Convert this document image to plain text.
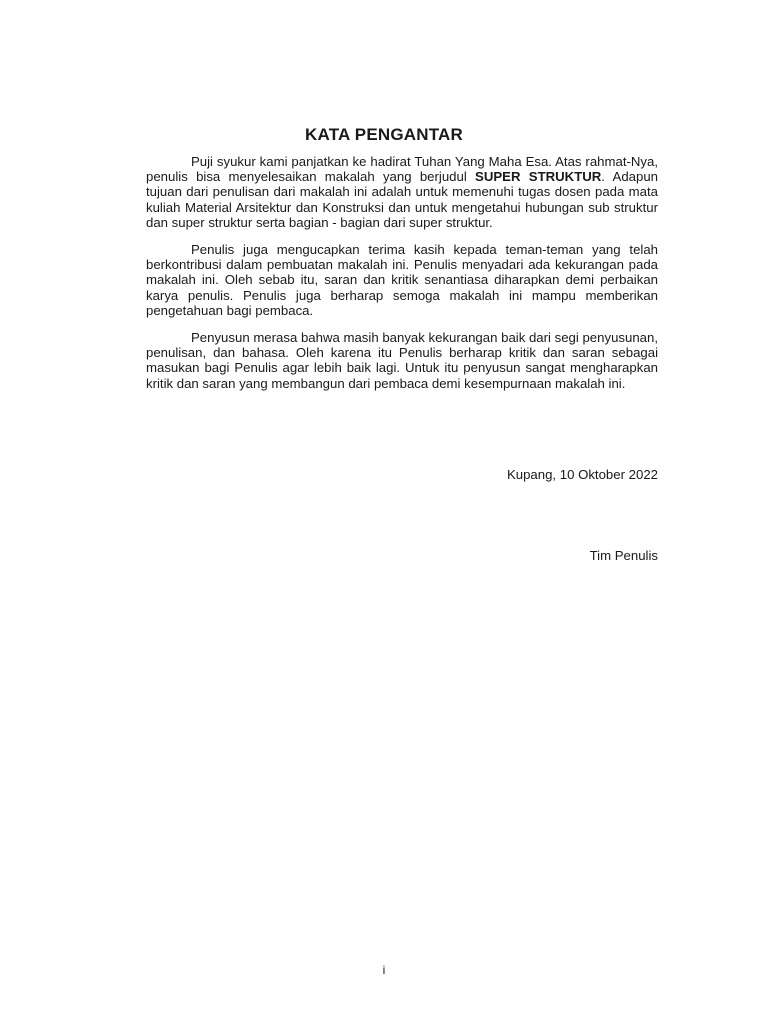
KATA PENGANTAR

Puji syukur kami panjatkan ke hadirat Tuhan Yang Maha Esa. Atas rahmat-Nya, penulis bisa menyelesaikan makalah yang berjudul SUPER STRUKTUR. Adapun tujuan dari penulisan dari makalah ini adalah untuk memenuhi tugas dosen pada mata kuliah Material Arsitektur dan Konstruksi dan untuk mengetahui hubungan sub struktur dan super struktur serta bagian - bagian dari super struktur.

Penulis juga mengucapkan terima kasih kepada teman-teman yang telah berkontribusi dalam pembuatan makalah ini. Penulis menyadari ada kekurangan pada makalah ini. Oleh sebab itu, saran dan kritik senantiasa diharapkan demi perbaikan karya penulis. Penulis juga berharap semoga makalah ini mampu memberikan pengetahuan bagi pembaca.

Penyusun merasa bahwa masih banyak kekurangan baik dari segi penyusunan, penulisan, dan bahasa. Oleh karena itu Penulis berharap kritik dan saran sebagai masukan bagi Penulis agar lebih baik lagi. Untuk itu penyusun sangat mengharapkan kritik dan saran yang membangun dari pembaca demi kesempurnaan makalah ini.

Kupang, 10 Oktober 2022
Tim Penulis
i
